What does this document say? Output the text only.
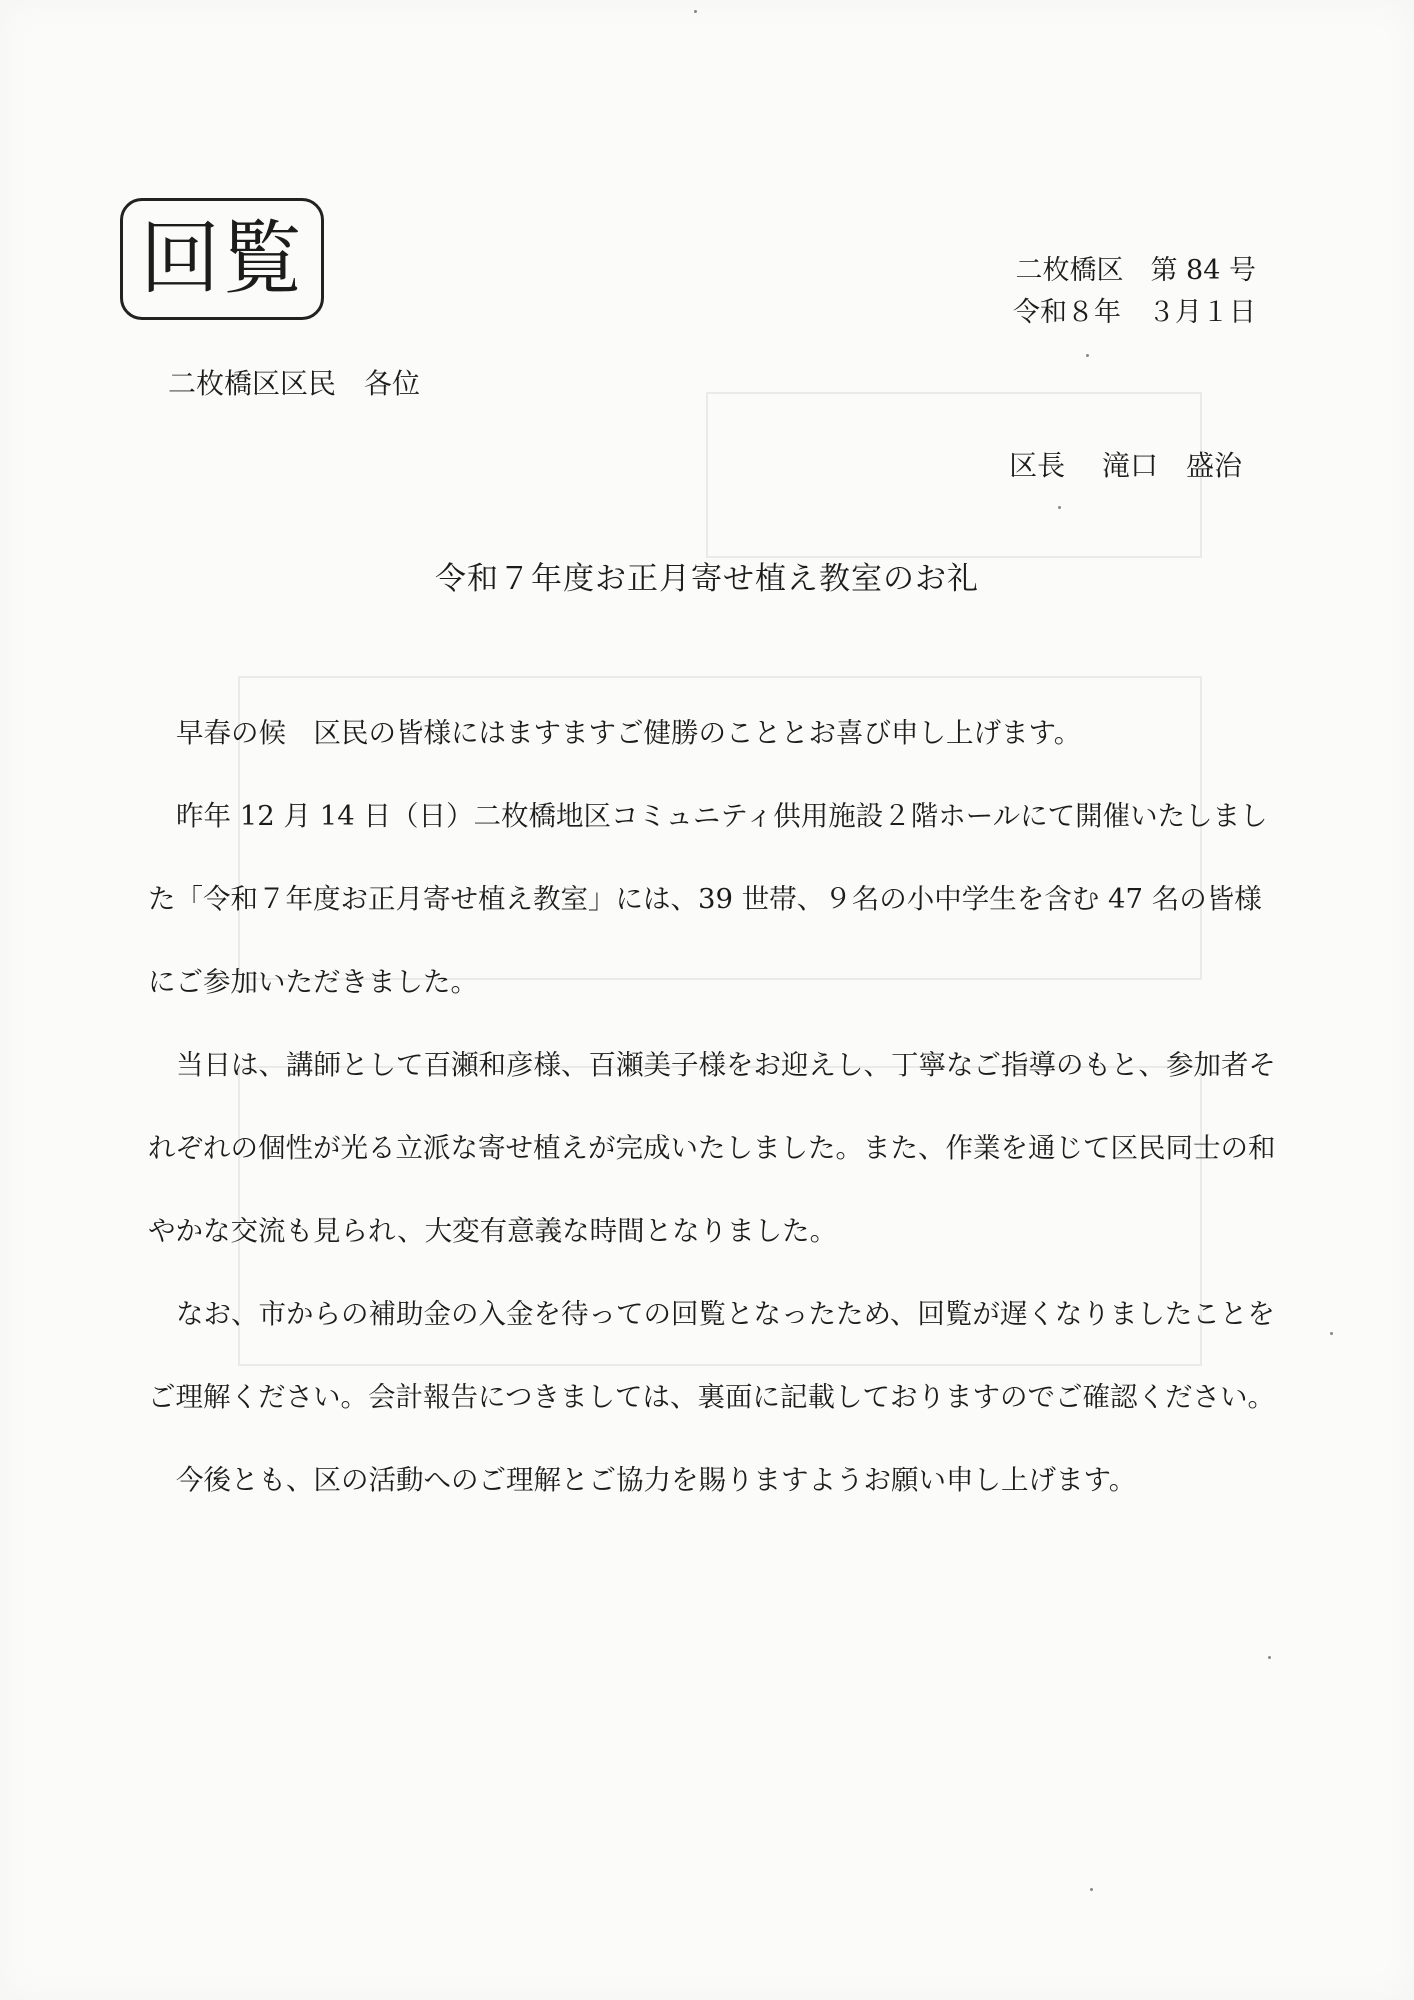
回覧	二枚橋区　第 84 号
令和８年　３月１日
二枚橋区区民　各位
区長　 滝口　盛治
令和７年度お正月寄せ植え教室のお礼

早春の候　区民の皆様にはますますご健勝のこととお喜び申し上げます。

昨年 12 月 14 日（日）二枚橋地区コミュニティ供用施設２階ホールにて開催いたしました「令和７年度お正月寄せ植え教室」には、39 世帯、９名の小中学生を含む 47 名の皆様にご参加いただきました。

当日は、講師として百瀬和彦様、百瀬美子様をお迎えし、丁寧なご指導のもと、参加者それぞれの個性が光る立派な寄せ植えが完成いたしました。また、作業を通じて区民同士の和やかな交流も見られ、大変有意義な時間となりました。

なお、市からの補助金の入金を待っての回覧となったため、回覧が遅くなりましたことをご理解ください。会計報告につきましては、裏面に記載しておりますのでご確認ください。

今後とも、区の活動へのご理解とご協力を賜りますようお願い申し上げます。
